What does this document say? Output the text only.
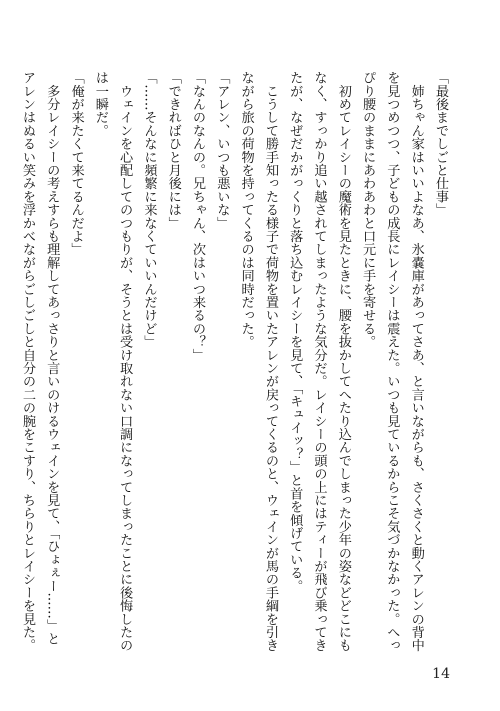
「最後までしごと仕事」
　姉ちゃん家はいいよなあ、氷嚢庫があってさあ、と言いながらも、さくさくと動くアレンの背中
を見つめつつ、子どもの成長にレイシーは震えた。いつも見ているからこそ気づかなかった。へっ
ぴり腰のままにあわあわと口元に手を寄せる。
　初めてレイシーの魔術を見たときに、腰を抜かしてへたり込んでしまった少年の姿などどこにも
なく、すっかり追い越されてしまったような気分だ。レイシーの頭の上にはティーが飛び乗ってき
たが、なぜだかがっくりと落ち込むレイシーを見て、「キュイッ？」と首を傾げている。
　こうして勝手知ったる様子で荷物を置いたアレンが戻ってくるのと、ウェインが馬の手綱を引き
ながら旅の荷物を持ってくるのは同時だった。
「アレン、いつも悪いな」
「なんのなんの。兄ちゃん、次はいつ来るの？」
「できればひと月後には」
「……そんなに頻繁に来なくていいんだけど」
　ウェインを心配してのつもりが、そうとは受け取れない口調になってしまったことに後悔したの
は一瞬だ。
「俺が来たくて来てるんだよ」
　多分レイシーの考えすらも理解してあっさりと言いのけるウェインを見て、「ひょぇー……」と
アレンはぬるい笑みを浮かべながらごしごしと自分の二の腕をこすり、ちらりとレイシーを見た。
14
